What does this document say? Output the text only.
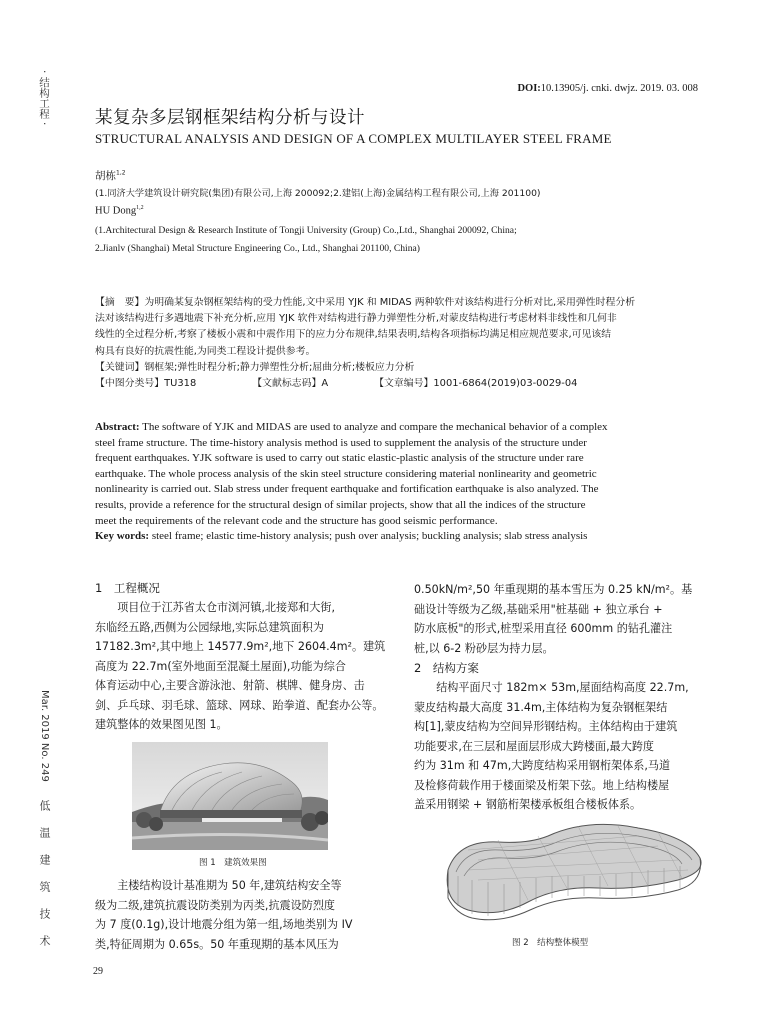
· 结构工程 ·
Mar. 2019 No. 249
低温建筑技术
DOI:10.13905/j. cnki. dwjz. 2019. 03. 008
某复杂多层钢框架结构分析与设计
STRUCTURAL ANALYSIS AND DESIGN OF A COMPLEX MULTILAYER STEEL FRAME
胡栋$^{1,2}$
(1.同济大学建筑设计研究院(集团)有限公司,上海 200092;2.建铝(上海)金属结构工程有限公司,上海 201100)
HU Dong$^{1,2}$
(1.Architectural Design & Research Institute of Tongji University (Group) Co.,Ltd., Shanghai 200092, China;
2.Jianlv (Shanghai) Metal Structure Engineering Co., Ltd., Shanghai 201100, China)
【摘　要】为明确某复杂钢框架结构的受力性能,文中采用 YJK 和 MIDAS 两种软件对该结构进行分析对比,采用弹性时程分析
法对该结构进行多遇地震下补充分析,应用 YJK 软件对结构进行静力弹塑性分析,对蒙皮结构进行考虑材料非线性和几何非
线性的全过程分析,考察了楼板小震和中震作用下的应力分布规律,结果表明,结构各项指标均满足相应规范要求,可见该结
构具有良好的抗震性能,为同类工程设计提供参考。
【关键词】钢框架;弹性时程分析;静力弹塑性分析;屈曲分析;楼板应力分析
【中图分类号】TU318	【文献标志码】A	【文章编号】1001-6864(2019)03-0029-04
Abstract: The software of YJK and MIDAS are used to analyze and compare the mechanical behavior of a complex
steel frame structure. The time-history analysis method is used to supplement the analysis of the structure under
frequent earthquakes. YJK software is used to carry out static elastic-plastic analysis of the structure under rare
earthquake. The whole process analysis of the skin steel structure considering material nonlinearity and geometric
nonlinearity is carried out. Slab stress under frequent earthquake and fortification earthquake is also analyzed. The
results, provide a reference for the structural design of similar projects, show that all the indices of the structure
meet the requirements of the relevant code and the structure has good seismic performance.
Key words: steel frame; elastic time-history analysis; push over analysis; buckling analysis; slab stress analysis
1　工程概况
　　项目位于江苏省太仓市浏河镇,北接郑和大街,
东临经五路,西侧为公园绿地,实际总建筑面积为
17182.3m²,其中地上 14577.9m²,地下 2604.4m²。建筑
高度为 22.7m(室外地面至混凝土屋面),功能为综合
体育运动中心,主要含游泳池、射箭、棋牌、健身房、击
剑、乒乓球、羽毛球、篮球、网球、跆拳道、配套办公等。
建筑整体的效果图见图 1。
图 1　建筑效果图
　　主楼结构设计基准期为 50 年,建筑结构安全等
级为二级,建筑抗震设防类别为丙类,抗震设防烈度
为 7 度(0.1g),设计地震分组为第一组,场地类别为 IV
类,特征周期为 0.65s。50 年重现期的基本风压为
0.50kN/m²,50 年重现期的基本雪压为 0.25 kN/m²。基
础设计等级为乙级,基础采用"桩基础 + 独立承台 +
防水底板"的形式,桩型采用直径 600mm 的钻孔灌注
桩,以 6-2 粉砂层为持力层。
2　结构方案
　　结构平面尺寸 182m× 53m,屋面结构高度 22.7m,
蒙皮结构最大高度 31.4m,主体结构为复杂钢框架结
构[1],蒙皮结构为空间异形钢结构。主体结构由于建筑
功能要求,在三层和屋面层形成大跨楼面,最大跨度
约为 31m 和 47m,大跨度结构采用钢桁架体系,马道
及检修荷载作用于楼面梁及桁架下弦。地上结构楼屋
盖采用钢梁 + 钢筋桁架楼承板组合楼板体系。
图 2　结构整体模型
29
